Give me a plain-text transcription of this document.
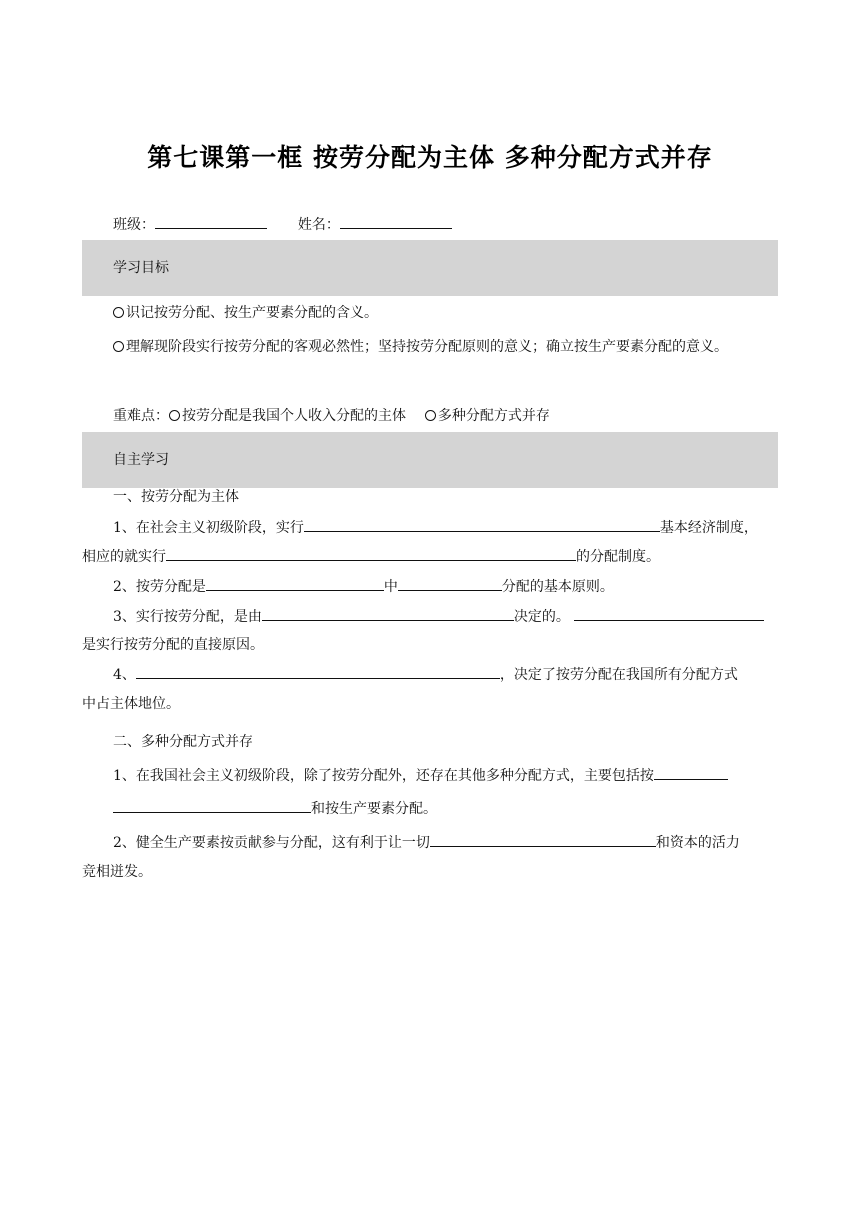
第七课第一框 按劳分配为主体 多种分配方式并存
班级：	姓名：
学习目标
识记按劳分配、按生产要素分配的含义。
理解现阶段实行按劳分配的客观必然性；坚持按劳分配原则的意义；确立按生产要素分配的意义。
重难点： 按劳分配是我国个人收入分配的主体 多种分配方式并存
自主学习
一、按劳分配为主体
1、在社会主义初级阶段，实行	基本经济制度，
相应的就实行	的分配制度。
2、按劳分配是	中	分配的基本原则。
3、实行按劳分配，是由	决定的。
是实行按劳分配的直接原因。
4、	，决定了按劳分配在我国所有分配方式
中占主体地位。
二、多种分配方式并存
1、在我国社会主义初级阶段，除了按劳分配外，还存在其他多种分配方式，主要包括按
和按生产要素分配。
2、健全生产要素按贡献参与分配，这有利于让一切	和资本的活力
竞相迸发。
